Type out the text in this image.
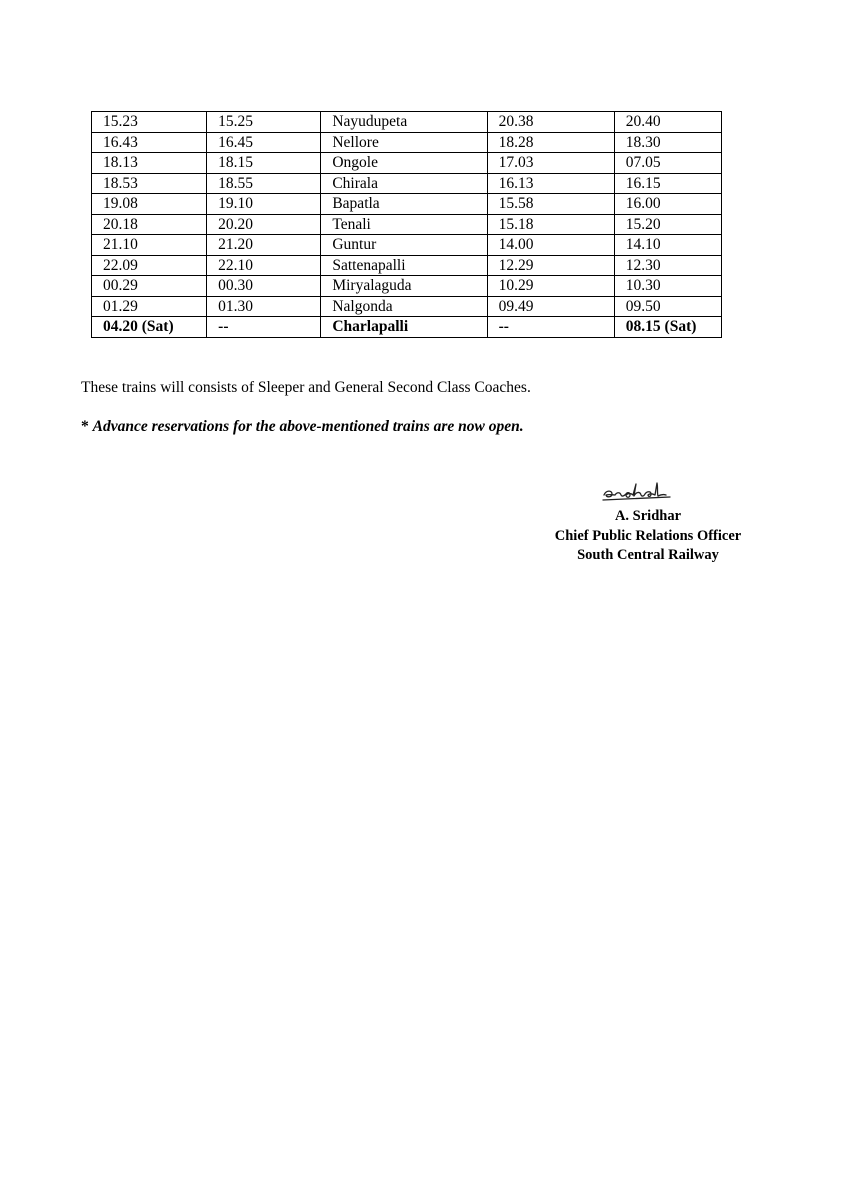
15.23	15.25	Nayudupeta	20.38	20.40
16.43	16.45	Nellore	18.28	18.30
18.13	18.15	Ongole	17.03	07.05
18.53	18.55	Chirala	16.13	16.15
19.08	19.10	Bapatla	15.58	16.00
20.18	20.20	Tenali	15.18	15.20
21.10	21.20	Guntur	14.00	14.10
22.09	22.10	Sattenapalli	12.29	12.30
00.29	00.30	Miryalaguda	10.29	10.30
01.29	01.30	Nalgonda	09.49	09.50
04.20 (Sat)	--	Charlapalli	--	08.15 (Sat)
These trains will consists of Sleeper and General Second Class Coaches.
* Advance reservations for the above-mentioned trains are now open.
A. Sridhar
Chief Public Relations Officer
South Central Railway
